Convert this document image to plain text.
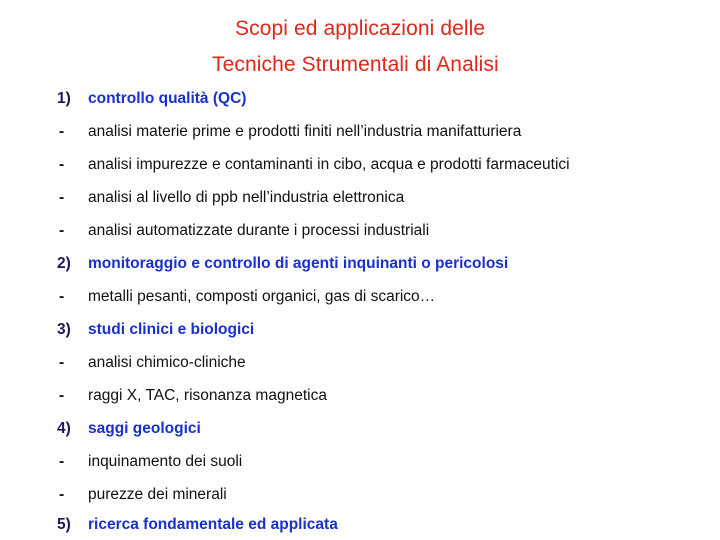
Scopi ed applicazioni delle
Tecniche Strumentali di Analisi
1) controllo qualità (QC)
- analisi materie prime e prodotti finiti nell’industria manifatturiera
- analisi impurezze e contaminanti in cibo, acqua e prodotti farmaceutici
- analisi al livello di ppb nell’industria elettronica
- analisi automatizzate durante i processi industriali
2) monitoraggio e controllo di agenti inquinanti o pericolosi
- metalli pesanti, composti organici, gas di scarico…
3) studi clinici e biologici
- analisi chimico-cliniche
- raggi X, TAC, risonanza magnetica
4) saggi geologici
- inquinamento dei suoli
- purezze dei minerali
5) ricerca fondamentale ed applicata
